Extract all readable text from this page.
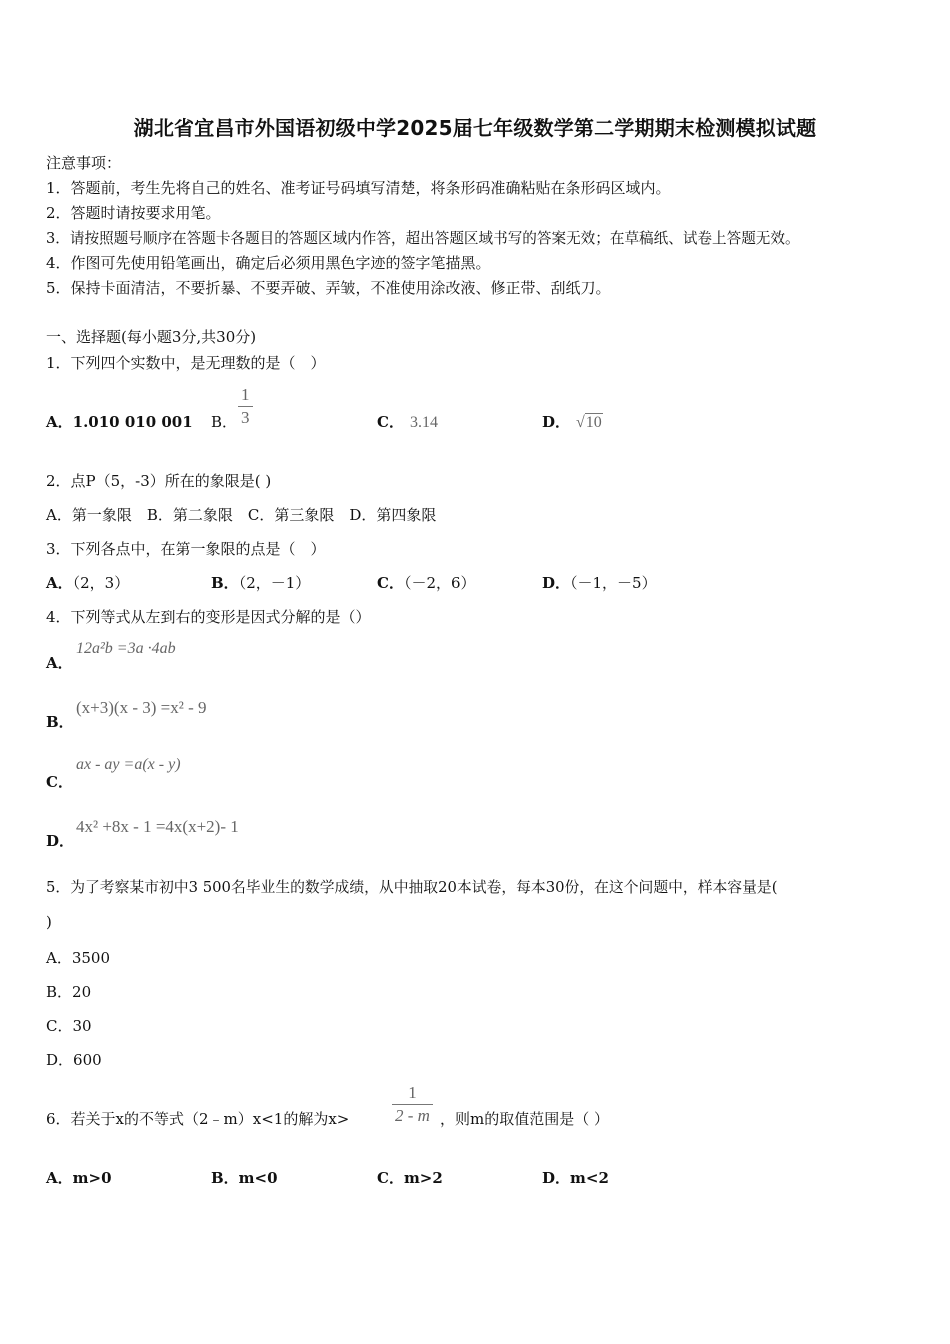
湖北省宜昌市外国语初级中学2025届七年级数学第二学期期末检测模拟试题
注意事项：
1．答题前，考生先将自己的姓名、准考证号码填写清楚，将条形码准确粘贴在条形码区域内。
2．答题时请按要求用笔。
3．请按照题号顺序在答题卡各题目的答题区域内作答，超出答题区域书写的答案无效；在草稿纸、试卷上答题无效。
4．作图可先使用铅笔画出，确定后必须用黑色字迹的签字笔描黑。
5．保持卡面清洁，不要折暴、不要弄破、弄皱，不准使用涂改液、修正带、刮纸刀。
一、选择题(每小题3分,共30分)
1．下列四个实数中，是无理数的是（　）
A．1.010 010 001 B． $\frac{1}{3}$	C． 3.14	D． √10
2．点P（5，-3）所在的象限是( )
A．第一象限　B．第二象限　C．第三象限　D．第四象限
3．下列各点中，在第一象限的点是（　）
A．（2，3）	B．（2，－1）	C．（－2，6）	D．（－1，－5）
4．下列等式从左到右的变形是因式分解的是（）
A．
12a²b =3a ·4ab
B．
(x+3)(x - 3) =x² - 9
C．
ax - ay =a(x - y)
D．
4x² +8x - 1 =4x(x+2)- 1
5．为了考察某市初中3 500名毕业生的数学成绩，从中抽取20本试卷，每本30份，在这个问题中，样本容量是(
)
A．3500
B．20
C．30
D．600
6．若关于x的不等式（2﹣m）x<1的解为x>	$\frac{1}{2 - m}$ ，则m的取值范围是（ ）
A．m>0	B．m<0	C．m>2	D．m<2
